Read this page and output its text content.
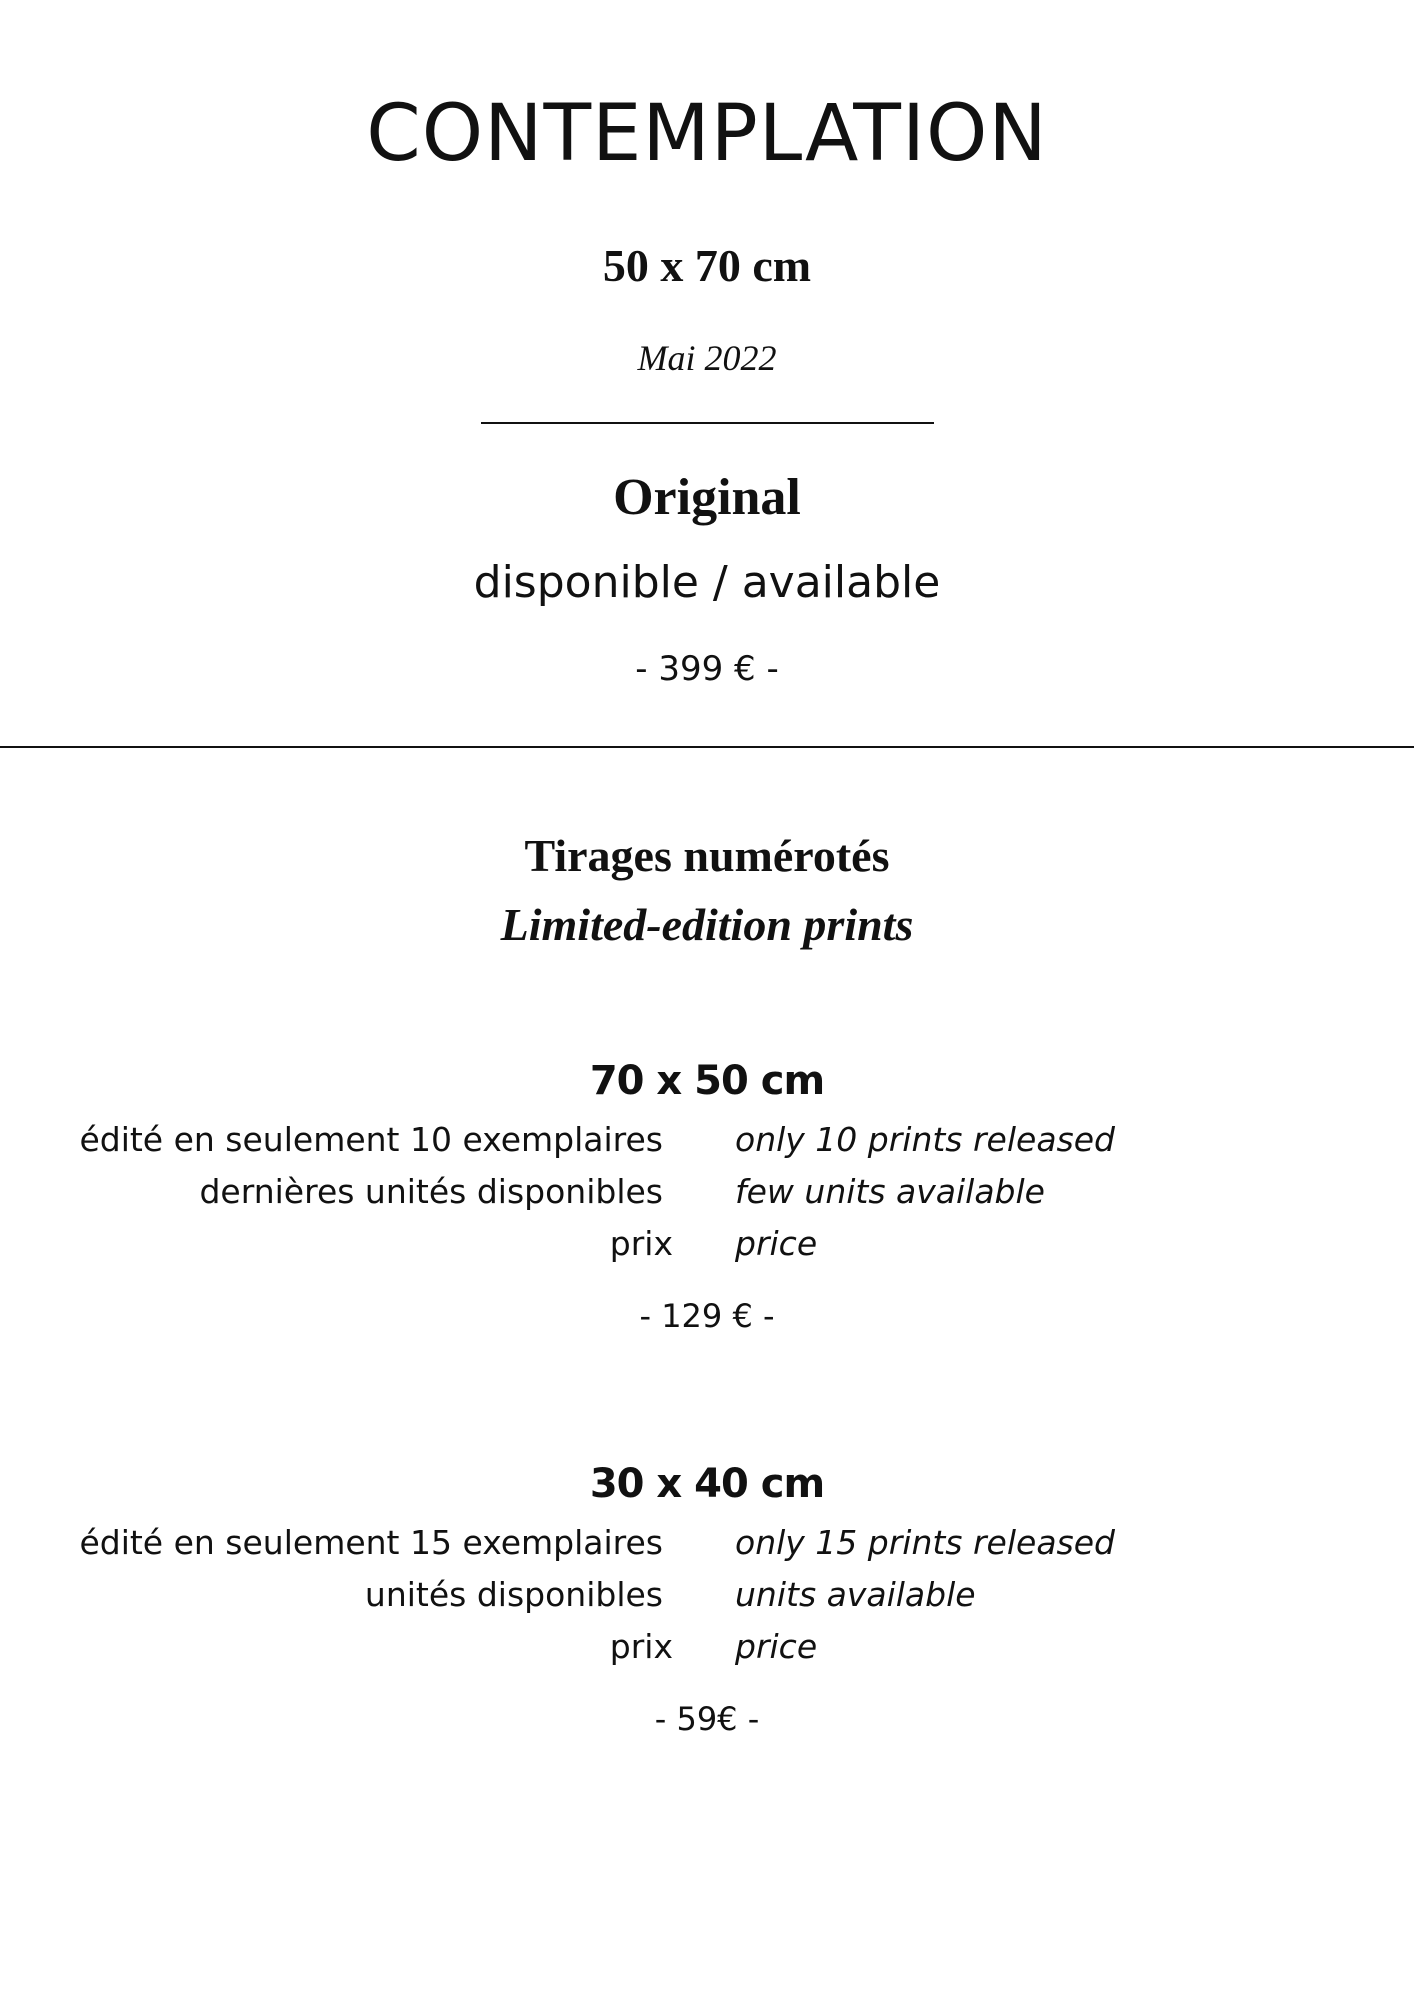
CONTEMPLATION
50 x 70 cm
Mai 2022
Original
disponible / available
- 399 € -
Tirages numérotés
Limited-edition prints
70 x 50 cm
édité en seulement 10 exemplaires only 10 prints released
dernières unités disponibles few units available
prix price
- 129 € -
30 x 40 cm
édité en seulement 15 exemplaires only 15 prints released
unités disponibles units available
prix price
- 59€ -
